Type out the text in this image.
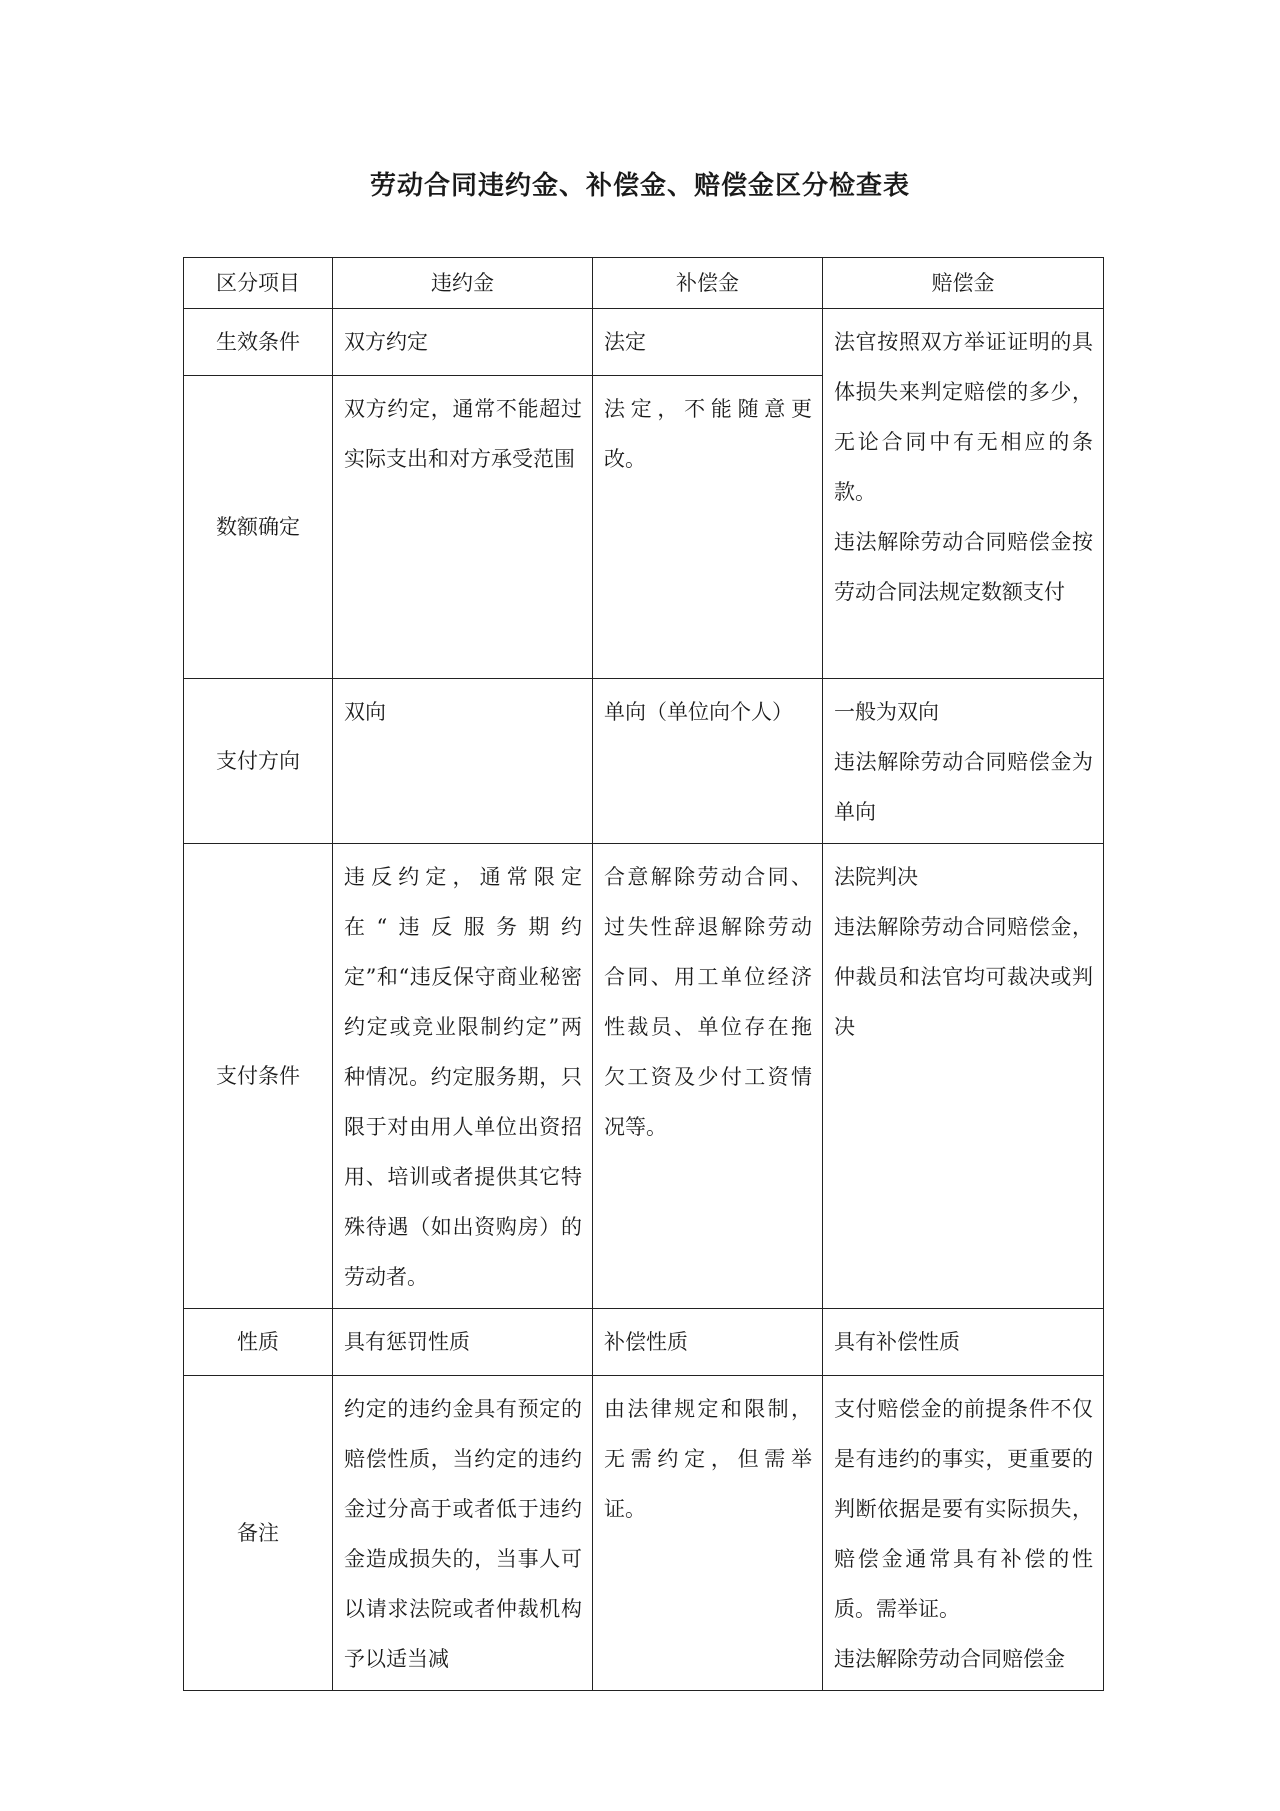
劳动合同违约金、补偿金、赔偿金区分检查表
区分项目	违约金	补偿金	赔偿金
生效条件	双方约定	法定	法官按照双方举证证明的具体损失来判定赔偿的多少，无论合同中有无相应的条款。
违法解除劳动合同赔偿金按劳动合同法规定数额支付

数额确定	双方约定，通常不能超过实际支出和对方承受范围	法定，不能随意更改。	
支付方向	双向	单向（单位向个人）	一般为双向
违法解除劳动合同赔偿金为单向

支付条件	违反约定，通常限定在“违反服务期约定”和“违反保守商业秘密约定或竞业限制约定”两种情况。约定服务期，只限于对由用人单位出资招用、培训或者提供其它特殊待遇（如出资购房）的劳动者。	合意解除劳动合同、过失性辞退解除劳动合同、用工单位经济性裁员、单位存在拖欠工资及少付工资情况等。	法院判决
违法解除劳动合同赔偿金，仲裁员和法官均可裁决或判决

性质	具有惩罚性质	补偿性质	具有补偿性质
备注	约定的违约金具有预定的赔偿性质，当约定的违约金过分高于或者低于违约金造成损失的，当事人可以请求法院或者仲裁机构予以适当减	由法律规定和限制，无需约定，但需举证。	支付赔偿金的前提条件不仅是有违约的事实，更重要的判断依据是要有实际损失，赔偿金通常具有补偿的性质。需举证。
违法解除劳动合同赔偿金
